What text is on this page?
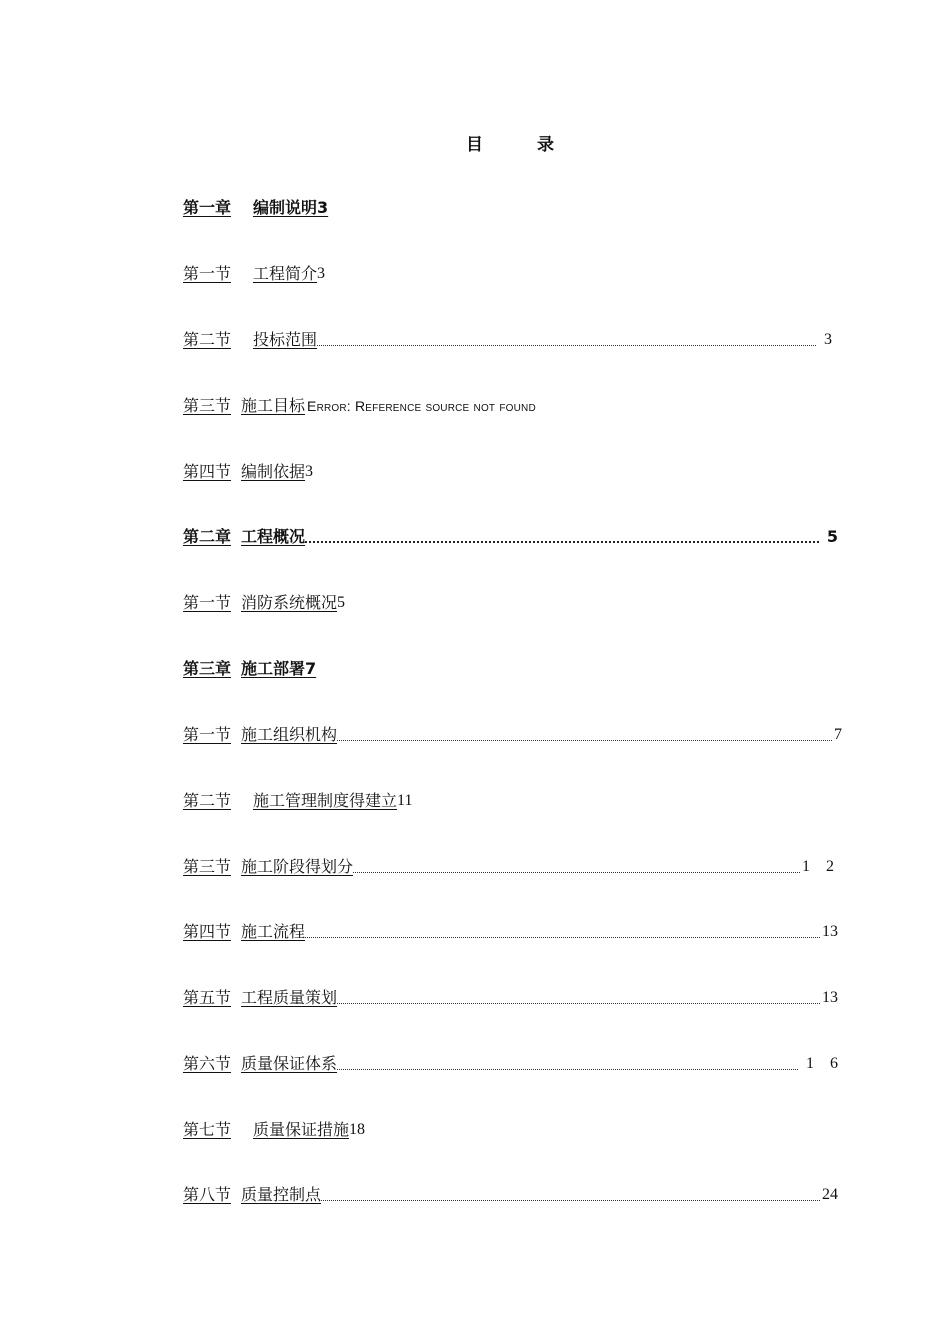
目	录
第一章 编制说明3
第一节 工程简介 3
第二节 投标范围	3
第三节 施工目标 Error: Reference source not found
第四节 编制依据 3
第二章 工程概况	5
第一节 消防系统概况 5
第三章 施工部署7
第一节 施工组织机构	7
第二节 施工管理制度得建立 11
第三节 施工阶段得划分	1 2
第四节 施工流程	13
第五节 工程质量策划	13
第六节 质量保证体系	1 6
第七节 质量保证措施 18
第八节 质量控制点	24
